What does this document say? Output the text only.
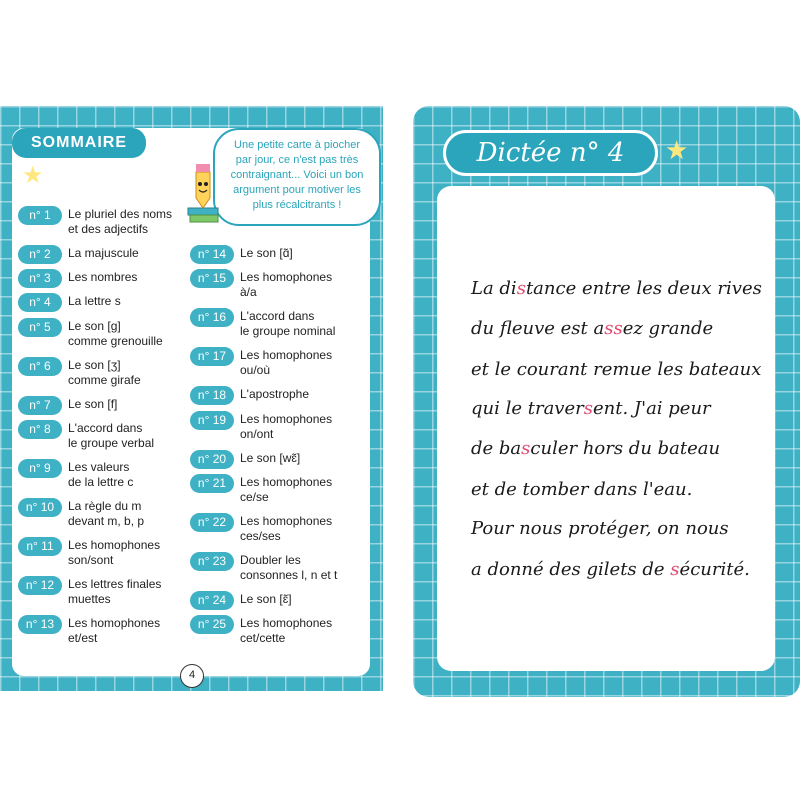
SOMMAIRE
★
Une petite carte à piocher par jour, ce n'est pas très contraignant... Voici un bon argument pour motiver les plus récalcitrants !
n° 1	Le pluriel des noms
et des adjectifs
n° 2	La majuscule
n° 3	Les nombres
n° 4	La lettre s
n° 5	Le son [g]
comme grenouille
n° 6	Le son [ʒ]
comme girafe
n° 7	Le son [f]
n° 8	L'accord dans
le groupe verbal
n° 9	Les valeurs
de la lettre c
n° 10	La règle du m
devant m, b, p
n° 11	Les homophones
son/sont
n° 12	Les lettres finales
muettes
n° 13	Les homophones
et/est
n° 14	Le son [ɑ̃]
n° 15	Les homophones
à/a
n° 16	L'accord dans
le groupe nominal
n° 17	Les homophones
ou/où
n° 18	L'apostrophe
n° 19	Les homophones
on/ont
n° 20	Le son [wɛ̃]
n° 21	Les homophones
ce/se
n° 22	Les homophones
ces/ses
n° 23	Doubler les
consonnes l, n et t
n° 24	Le son [ɛ̃]
n° 25	Les homophones
cet/cette
4
Dictée n° 4	★
La distance entre les deux rives
du fleuve est assez grande
et le courant remue les bateaux
qui le traversent. J'ai peur
de basculer hors du bateau
et de tomber dans l'eau.
Pour nous protéger, on nous
a donné des gilets de sécurité.
